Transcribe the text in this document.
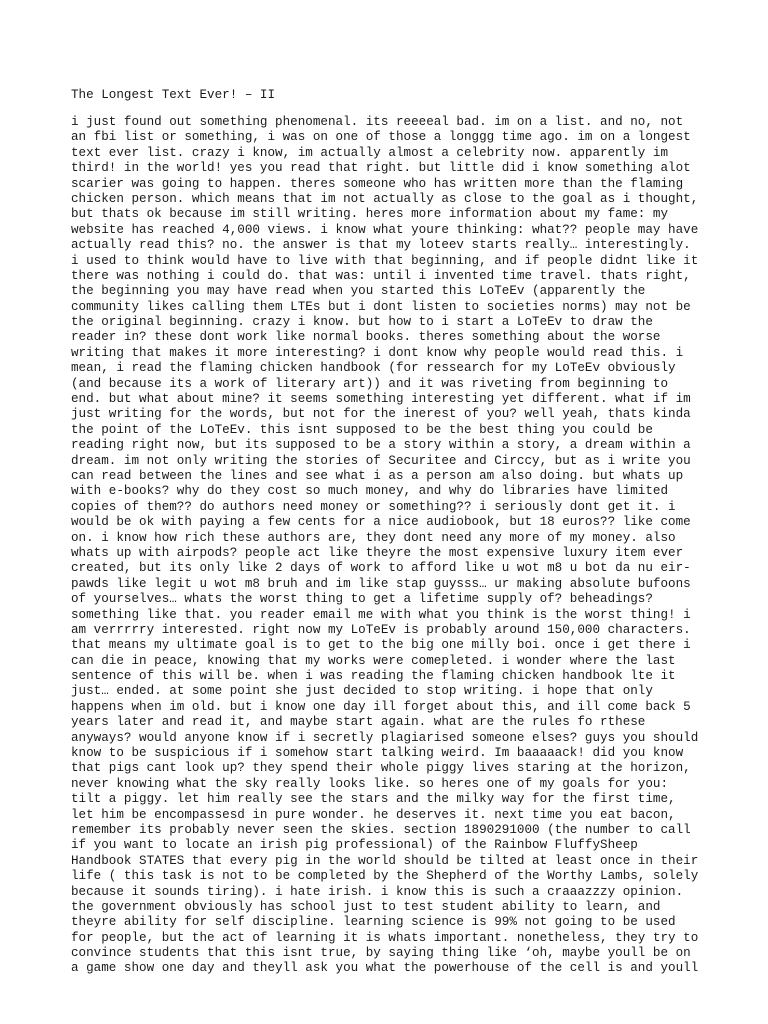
The Longest Text Ever! – II
i just found out something phenomenal. its reeeeal bad. im on a list. and no, not
an fbi list or something, i was on one of those a longgg time ago. im on a longest
text ever list. crazy i know, im actually almost a celebrity now. apparently im
third! in the world! yes you read that right. but little did i know something alot
scarier was going to happen. theres someone who has written more than the flaming
chicken person. which means that im not actually as close to the goal as i thought,
but thats ok because im still writing. heres more information about my fame: my
website has reached 4,000 views. i know what youre thinking: what?? people may have
actually read this? no. the answer is that my loteev starts really… interestingly.
i used to think would have to live with that beginning, and if people didnt like it
there was nothing i could do. that was: until i invented time travel. thats right,
the beginning you may have read when you started this LoTeEv (apparently the
community likes calling them LTEs but i dont listen to societies norms) may not be
the original beginning. crazy i know. but how to i start a LoTeEv to draw the
reader in? these dont work like normal books. theres something about the worse
writing that makes it more interesting? i dont know why people would read this. i
mean, i read the flaming chicken handbook (for ressearch for my LoTeEv obviously
(and because its a work of literary art)) and it was riveting from beginning to
end. but what about mine? it seems something interesting yet different. what if im
just writing for the words, but not for the inerest of you? well yeah, thats kinda
the point of the LoTeEv. this isnt supposed to be the best thing you could be
reading right now, but its supposed to be a story within a story, a dream within a
dream. im not only writing the stories of Securitee and Circcy, but as i write you
can read between the lines and see what i as a person am also doing. but whats up
with e-books? why do they cost so much money, and why do libraries have limited
copies of them?? do authors need money or something?? i seriously dont get it. i
would be ok with paying a few cents for a nice audiobook, but 18 euros?? like come
on. i know how rich these authors are, they dont need any more of my money. also
whats up with airpods? people act like theyre the most expensive luxury item ever
created, but its only like 2 days of work to afford like u wot m8 u bot da nu eir-
pawds like legit u wot m8 bruh and im like stap guysss… ur making absolute bufoons
of yourselves… whats the worst thing to get a lifetime supply of? beheadings?
something like that. you reader email me with what you think is the worst thing! i
am verrrrry interested. right now my LoTeEv is probably around 150,000 characters.
that means my ultimate goal is to get to the big one milly boi. once i get there i
can die in peace, knowing that my works were comepleted. i wonder where the last
sentence of this will be. when i was reading the flaming chicken handbook lte it
just… ended. at some point she just decided to stop writing. i hope that only
happens when im old. but i know one day ill forget about this, and ill come back 5
years later and read it, and maybe start again. what are the rules fo rthese
anyways? would anyone know if i secretly plagiarised someone elses? guys you should
know to be suspicious if i somehow start talking weird. Im baaaaack! did you know
that pigs cant look up? they spend their whole piggy lives staring at the horizon,
never knowing what the sky really looks like. so heres one of my goals for you:
tilt a piggy. let him really see the stars and the milky way for the first time,
let him be encompassesd in pure wonder. he deserves it. next time you eat bacon,
remember its probably never seen the skies. section 1890291000 (the number to call
if you want to locate an irish pig professional) of the Rainbow FluffySheep
Handbook STATES that every pig in the world should be tilted at least once in their
life ( this task is not to be completed by the Shepherd of the Worthy Lambs, solely
because it sounds tiring). i hate irish. i know this is such a craaazzzy opinion.
the government obviously has school just to test student ability to learn, and
theyre ability for self discipline. learning science is 99% not going to be used
for people, but the act of learning it is whats important. nonetheless, they try to
convince students that this isnt true, by saying thing like ‘oh, maybe youll be on
a game show one day and theyll ask you what the powerhouse of the cell is and youll
